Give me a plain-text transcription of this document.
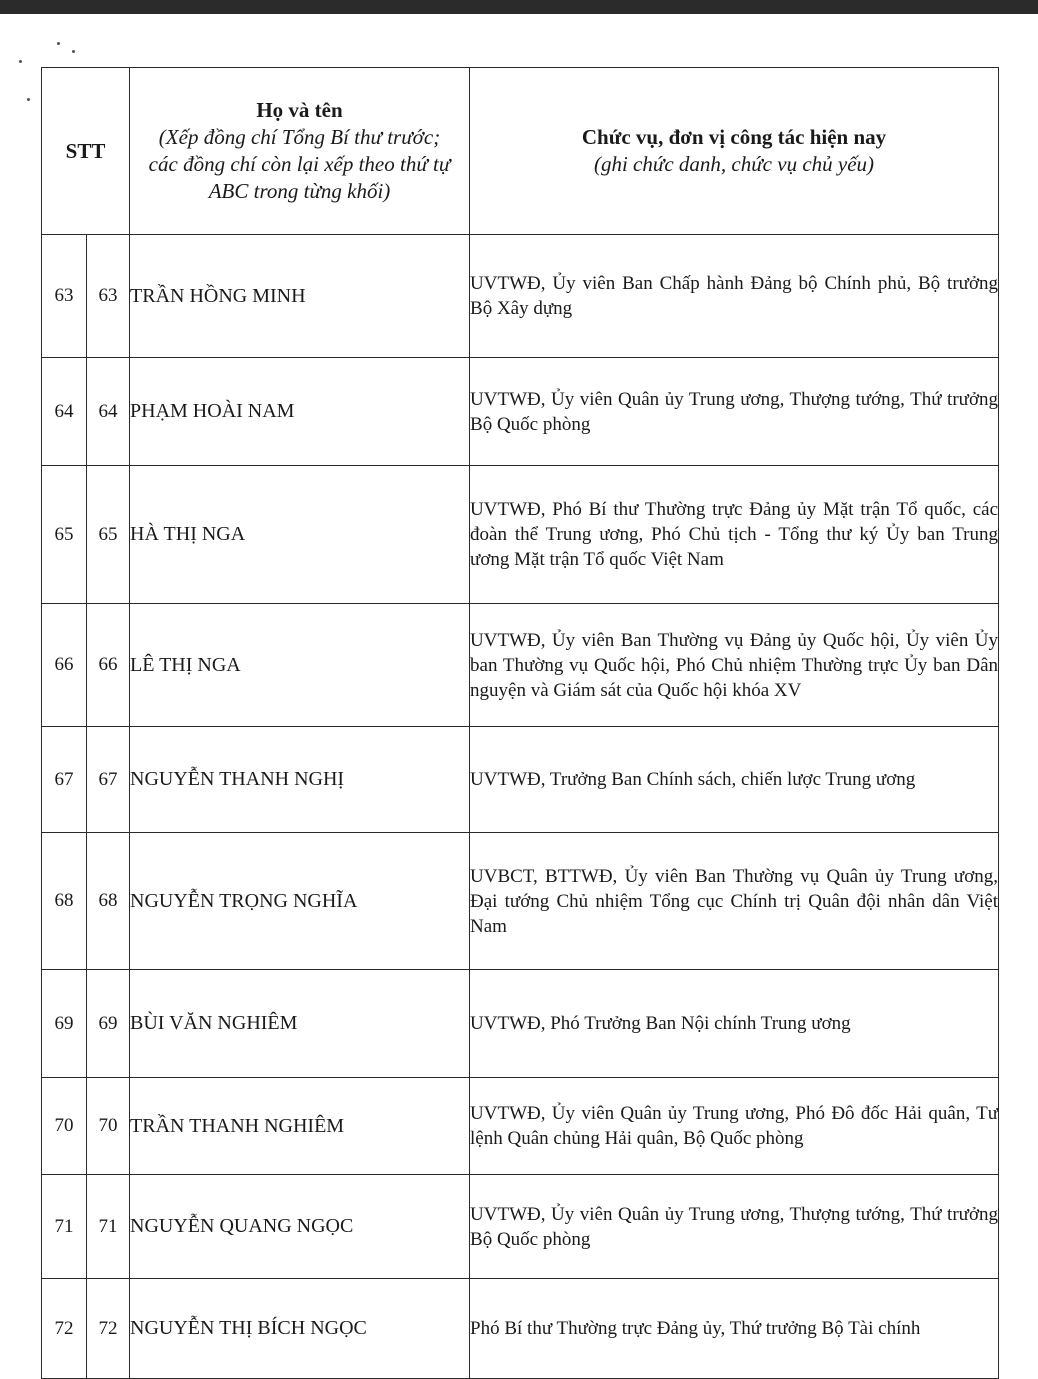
STT		Họ và tên
(Xếp đồng chí Tổng Bí thư trước;
các đồng chí còn lại xếp theo thứ tự
ABC trong từng khối)	Chức vụ, đơn vị công tác hiện nay
(ghi chức danh, chức vụ chủ yếu)

63	63	TRẦN HỒNG MINH	UVTWĐ, Ủy viên Ban Chấp hành Đảng bộ Chính phủ, Bộ trưởng Bộ Xây dựng
64	64	PHẠM HOÀI NAM	UVTWĐ, Ủy viên Quân ủy Trung ương, Thượng tướng, Thứ trưởng Bộ Quốc phòng
65	65	HÀ THỊ NGA	UVTWĐ, Phó Bí thư Thường trực Đảng ủy Mặt trận Tổ quốc, các đoàn thể Trung ương, Phó Chủ tịch - Tổng thư ký Ủy ban Trung ương Mặt trận Tổ quốc Việt Nam
66	66	LÊ THỊ NGA	UVTWĐ, Ủy viên Ban Thường vụ Đảng ủy Quốc hội, Ủy viên Ủy ban Thường vụ Quốc hội, Phó Chủ nhiệm Thường trực Ủy ban Dân nguyện và Giám sát của Quốc hội khóa XV
67	67	NGUYỄN THANH NGHỊ	UVTWĐ, Trưởng Ban Chính sách, chiến lược Trung ương
68	68	NGUYỄN TRỌNG NGHĨA	UVBCT, BTTWĐ, Ủy viên Ban Thường vụ Quân ủy Trung ương, Đại tướng Chủ nhiệm Tổng cục Chính trị Quân đội nhân dân Việt Nam
69	69	BÙI VĂN NGHIÊM	UVTWĐ, Phó Trưởng Ban Nội chính Trung ương
70	70	TRẦN THANH NGHIÊM	UVTWĐ, Ủy viên Quân ủy Trung ương, Phó Đô đốc Hải quân, Tư lệnh Quân chủng Hải quân, Bộ Quốc phòng
71	71	NGUYỄN QUANG NGỌC	UVTWĐ, Ủy viên Quân ủy Trung ương, Thượng tướng, Thứ trưởng Bộ Quốc phòng
72	72	NGUYỄN THỊ BÍCH NGỌC	Phó Bí thư Thường trực Đảng ủy, Thứ trưởng Bộ Tài chính
